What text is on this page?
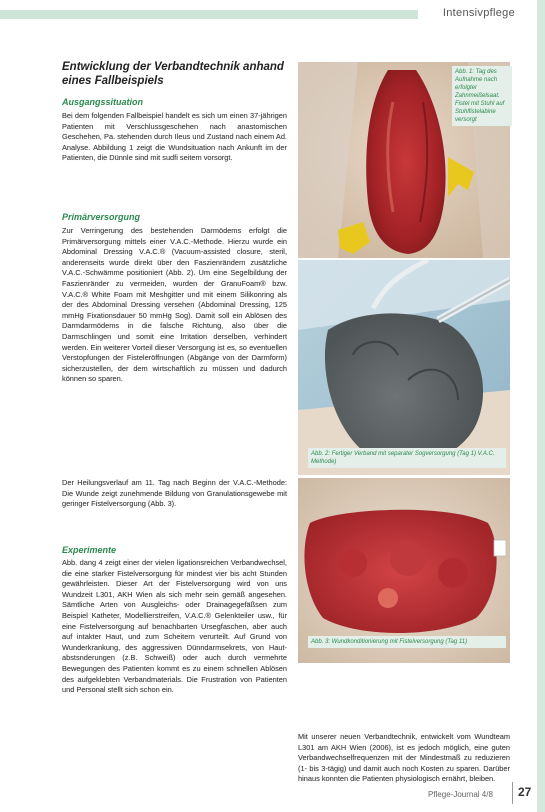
Intensivpflege
Entwicklung der Verbandtechnik anhand eines Fallbeispiels
Ausgangssituation

Bei dem folgenden Fallbeispiel handelt es sich um einen 37-jährigen Patienten mit Verschlussgeschehen nach anastomischen Geschehen, Pa. stehenden durch Ileus und Zustand nach einem Ad. Analyse. Abbildung 1 zeigt die Wundsituation nach Ankunft im der Patienten, die Dünnle sind mit sudfi seitem vorsorgt.

Primärversorgung

Zur Verringerung des bestehenden Darmödems erfolgt die Primärversorgung mittels einer V.A.C.-Methode. Hierzu wurde ein Abdominal Dressing V.A.C.® (Vacuum-assisted closure, steril, anderenseits wurde direkt über den Faszienrändern zusätzliche V.A.C.-Schwämme positioniert (Abb. 2). Um eine Segelbildung der Faszienränder zu vermeiden, wurden der GranuFoam® bzw. V.A.C.® White Foam mit Meshgitter und mit einem Silikonring als der des Abdominal Dressing versehen (Abdominal Dressing, 125 mmHg Fixationsdauer 50 mmHg Sog). Damit soll ein Ablösen des Darmdarmödems in die falsche Richtung, also über die Darmschlingen und somit eine Irritation derselben, verhindert werden. Ein weiterer Vorteil dieser Versorgung ist es, so eventuellen Verstopfungen der Fisteleröffnungen (Abgänge von der Darmform) sicherzustellen, der dem wirtschaftlich zu müssen und dadurch können so sparen.

Der Heilungsverlauf am 11. Tag nach Beginn der V.A.C.-Methode: Die Wunde zeigt zunehmende Bildung von Granulationsgewebe mit geringer Fistelversorgung (Abb. 3).

Experimente

Abb. dang 4 zeigt einer der vielen ligationsreichen Verbandwechsel, die eine starker Fistelversorgung für mindest vier bis acht Stunden gewährleisten. Dieser Art der Fistelversorgung wird von uns Wundzeit L301, AKH Wien als sich mehr sein gemäß angesehen. Sämtliche Arten von Ausgleichs- oder Drainagegefäßsen zum Beispiel Katheter, Modellierstreifen, V.A.C.® Gelenkteiler usw., für eine Fistelversorgung auf benachbarten Ursegfaschen, aber auch auf intakter Haut, und zum Scheitern verurteilt. Auf Grund von Wunderkrankung, des aggressiven Dünndarmsekrets, von Haut-abstsnderungen (z.B. Schweiß) oder auch durch vermehrte Bewegungen des Patienten kommt es zu einem schnellen Ablösen des aufgeklebten Verbandmaterials. Die Frustration von Patienten und Personal stellt sich schon ein.

Mit unserer neuen Verbandtechnik, entwickelt vom Wundteam L301 am AKH Wien (2006), ist es jedoch möglich, eine guten Verbandwechselfrequenzen mit der Mindestmaß zu reduzieren (1- bis 3-tägig) und damit auch noch Kosten zu sparen. Darüber hinaus konnten die Patienten physiologisch ernährt, bleiben.

Abb. 1: Tag des Aufnahme nach erfolgter Zahnmeißelsaat. Fistel mit Stuhl auf Stuhlfistelabine versorgt
Abb. 2: Fertiger Verband mit separater Sogversorgung (Tag 1) V.A.C. Methode)
Abb. 3: Wundkonditionierung mit Fistelversorgung (Tag 11)
Pflege-Journal 4/8 27
